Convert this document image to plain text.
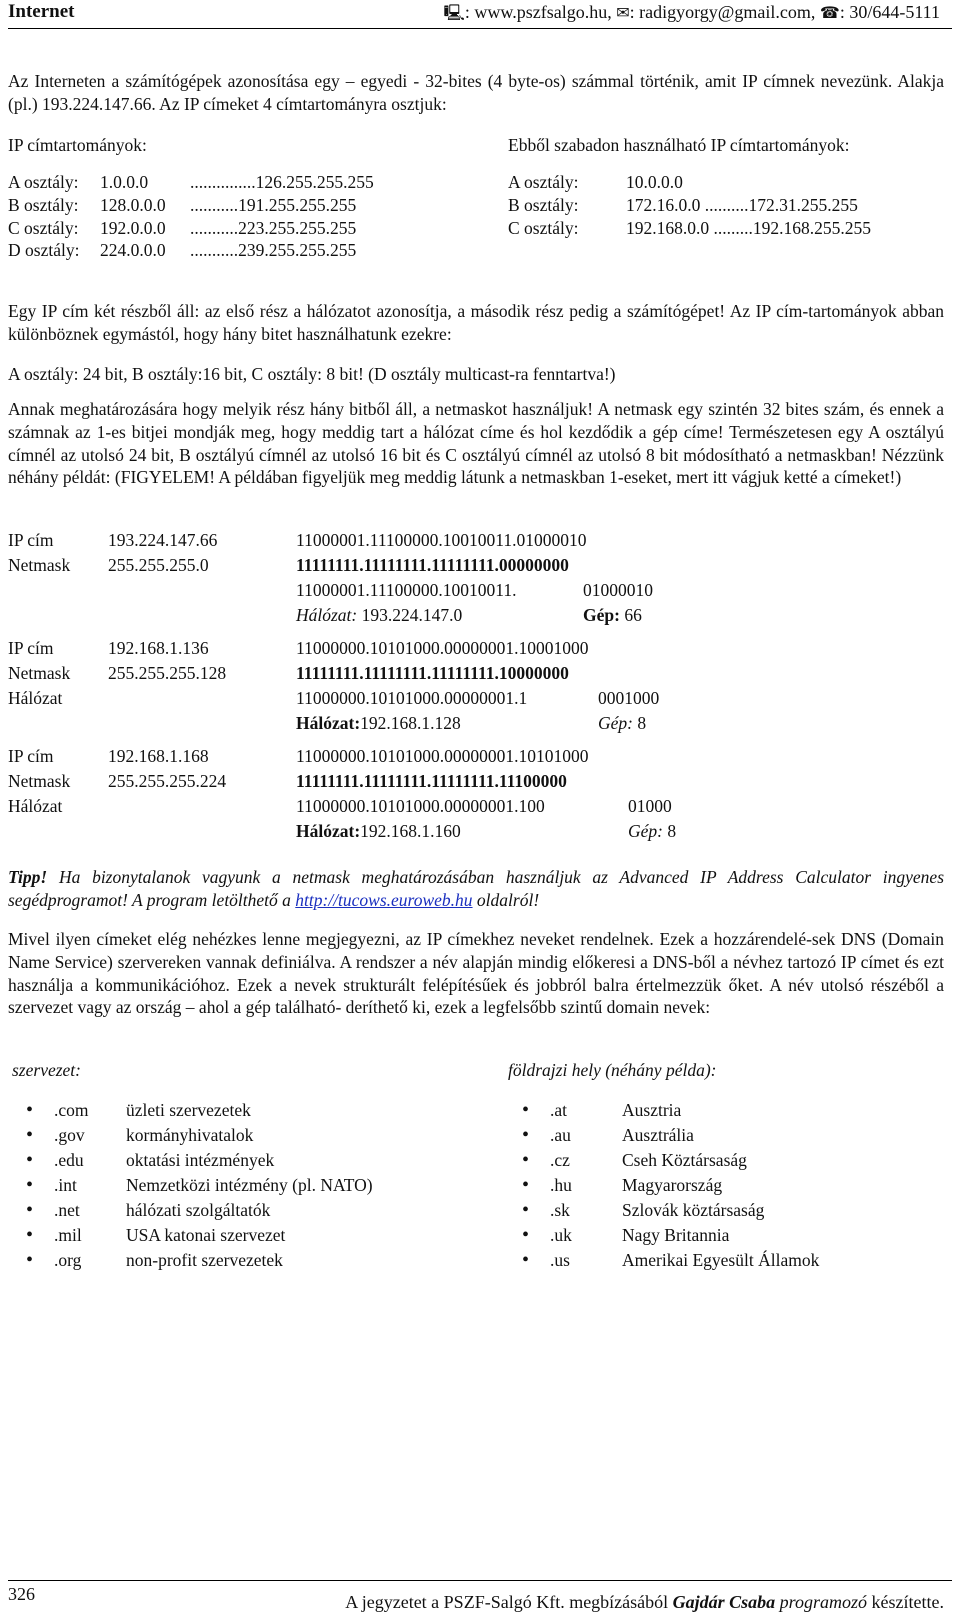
Internet	🖳: www.pszfsalgo.hu, ✉: radigyorgy@gmail.com, ☎: 30/644-5111
Az Interneten a számítógépek azonosítása egy – egyedi - 32-bites (4 byte-os) számmal történik, amit IP címnek nevezünk. Alakja (pl.) 193.224.147.66. Az IP címeket 4 címtartományra osztjuk:
IP címtartományok:	Ebből szabadon használható IP címtartományok:
A osztály: 1.0.0.0 ...............126.255.255.255
B osztály: 128.0.0.0 ...........191.255.255.255
C osztály: 192.0.0.0 ...........223.255.255.255
D osztály: 224.0.0.0 ...........239.255.255.255
A osztály:	10.0.0.0
B osztály:	172.16.0.0 ..........172.31.255.255
C osztály:	192.168.0.0 .........192.168.255.255
Egy IP cím két részből áll: az első rész a hálózatot azonosítja, a második rész pedig a számítógépet! Az IP cím-tartományok abban különböznek egymástól, hogy hány bitet használhatunk ezekre:
A osztály: 24 bit, B osztály:16 bit, C osztály: 8 bit! (D osztály multicast-ra fenntartva!)
Annak meghatározására hogy melyik rész hány bitből áll, a netmaskot használjuk! A netmask egy szintén 32 bites szám, és ennek a számnak az 1-es bitjei mondják meg, hogy meddig tart a hálózat címe és hol kezdődik a gép címe! Természetesen egy A osztályú címnél az utolsó 24 bit, B osztályú címnél az utolsó 16 bit és C osztályú címnél az utolsó 8 bit módosítható a netmaskban! Nézzünk néhány példát: (FIGYELEM! A példában figyeljük meg meddig látunk a netmaskban 1-eseket, mert itt vágjuk ketté a címeket!)
IP cím	193.224.147.66	11000001.11100000.10010011.01000010
Netmask 255.255.255.0	11111111.11111111.11111111.00000000
11000001.11100000.10010011.	01000010
Hálózat: 193.224.147.0	Gép: 66
IP cím	192.168.1.136	11000000.10101000.00000001.10001000
Netmask 255.255.255.128	11111111.11111111.11111111.10000000
Hálózat	11000000.10101000.00000001.1	0001000
Hálózat:192.168.1.128	Gép: 8
IP cím	192.168.1.168	11000000.10101000.00000001.10101000
Netmask 255.255.255.224	11111111.11111111.11111111.11100000
Hálózat	11000000.10101000.00000001.100	01000
Hálózat:192.168.1.160	Gép: 8
Tipp! Ha bizonytalanok vagyunk a netmask meghatározásában használjuk az Advanced IP Address Calculator ingyenes segédprogramot! A program letölthető a http://tucows.euroweb.hu oldalról!
Mivel ilyen címeket elég nehézkes lenne megjegyezni, az IP címekhez neveket rendelnek. Ezek a hozzárendelé-sek DNS (Domain Name Service) szervereken vannak definiálva. A rendszer a név alapján mindig előkeresi a DNS-ből a névhez tartozó IP címet és ezt használja a kommunikációhoz. Ezek a nevek strukturált felépítésűek és jobbról balra értelmezzük őket. A név utolsó részéből a szervezet vagy az ország – ahol a gép található- deríthető ki, ezek a legfelsőbb szintű domain nevek:
szervezet:
• .com üzleti szervezetek
• .gov kormányhivatalok
• .edu oktatási intézmények
• .int	Nemzetközi intézmény (pl. NATO)
• .net	hálózati szolgáltatók
• .mil	USA katonai szervezet
• .org	non-profit szervezetek
földrajzi hely (néhány példa):
• .at	Ausztria
• .au	Ausztrália
• .cz	Cseh Köztársaság
• .hu	Magyarország
• .sk	Szlovák köztársaság
• .uk	Nagy Britannia
• .us	Amerikai Egyesült Államok
326	A jegyzetet a PSZF-Salgó Kft. megbízásából Gajdár Csaba programozó készítette.
